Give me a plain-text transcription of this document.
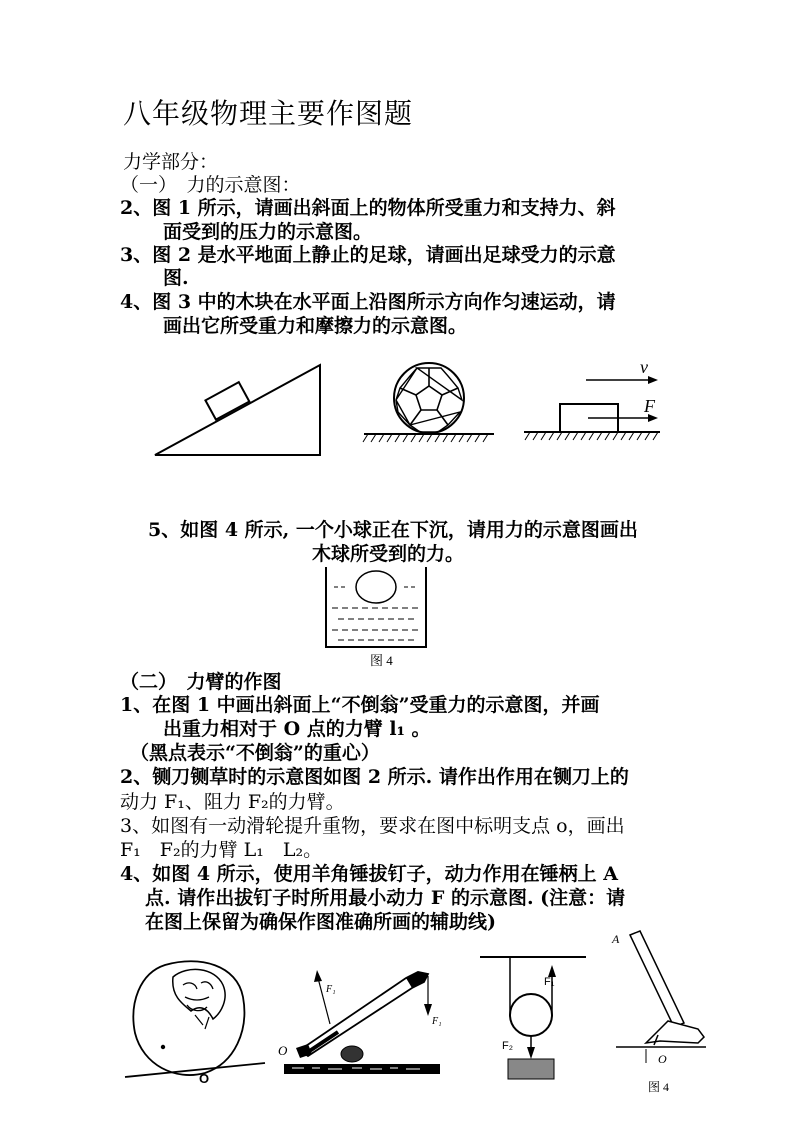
八年级物理主要作图题
力学部分：
（一）　力的示意图：
2、图 1 所示，请画出斜面上的物体所受重力和支持力、斜
面受到的压力的示意图。
3、图 2 是水平地面上静止的足球，请画出足球受力的示意
图.
4、图 3 中的木块在水平面上沿图所示方向作匀速运动，请
画出它所受重力和摩擦力的示意图。
v
F
5、如图 4 所示, 一个小球正在下沉，请用力的示意图画出
木球所受到的力。
图 4
（二）　力臂的作图
1、在图 1 中画出斜面上“不倒翁”受重力的示意图，并画
出重力相对于 O 点的力臂 l₁ 。
（黑点表示“不倒翁”的重心）
2、铡刀铡草时的示意图如图 2 所示. 请作出作用在铡刀上的
动力 F₁、阻力 F₂的力臂。
3、如图有一动滑轮提升重物，要求在图中标明支点 o，画出
F₁　F₂的力臂 L₁　L₂。
4、如图 4 所示，使用羊角锤拔钉子，动力作用在锤柄上 A
点. 请作出拔钉子时所用最小动力 F 的示意图. (注意：请
在图上保留为确保作图准确所画的辅助线)
O
F₁
F₁
O
F₁
F₂
A
O
图 4
